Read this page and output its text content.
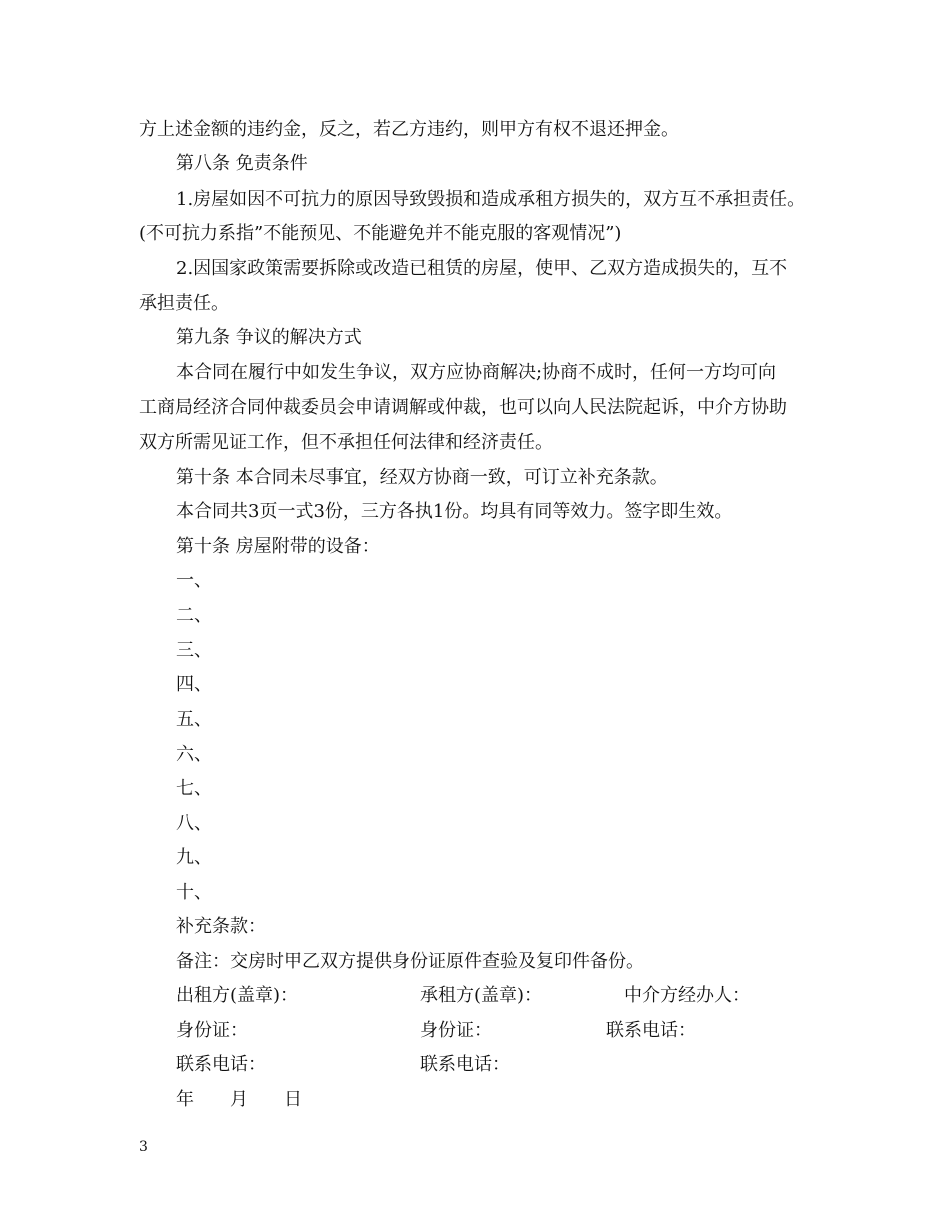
方上述金额的违约金，反之，若乙方违约，则甲方有权不退还押金。
第八条 免责条件
1.房屋如因不可抗力的原因导致毁损和造成承租方损失的，双方互不承担责任。
(不可抗力系指”不能预见、不能避免并不能克服的客观情况”)
2.因国家政策需要拆除或改造已租赁的房屋，使甲、乙双方造成损失的，互不
承担责任。
第九条 争议的解决方式
本合同在履行中如发生争议，双方应协商解决;协商不成时，任何一方均可向
工商局经济合同仲裁委员会申请调解或仲裁，也可以向人民法院起诉，中介方协助
双方所需见证工作，但不承担任何法律和经济责任。
第十条 本合同未尽事宜，经双方协商一致，可订立补充条款。
本合同共3页一式3份，三方各执1份。均具有同等效力。签字即生效。
第十条 房屋附带的设备：
一、
二、
三、
四、
五、
六、
七、
八、
九、
十、
补充条款：
备注：交房时甲乙双方提供身份证原件查验及复印件备份。
出租方(盖章)：	承租方(盖章)：	中介方经办人：
身份证：	身份证：	联系电话：
联系电话：	联系电话：
年　　月　　日
3
